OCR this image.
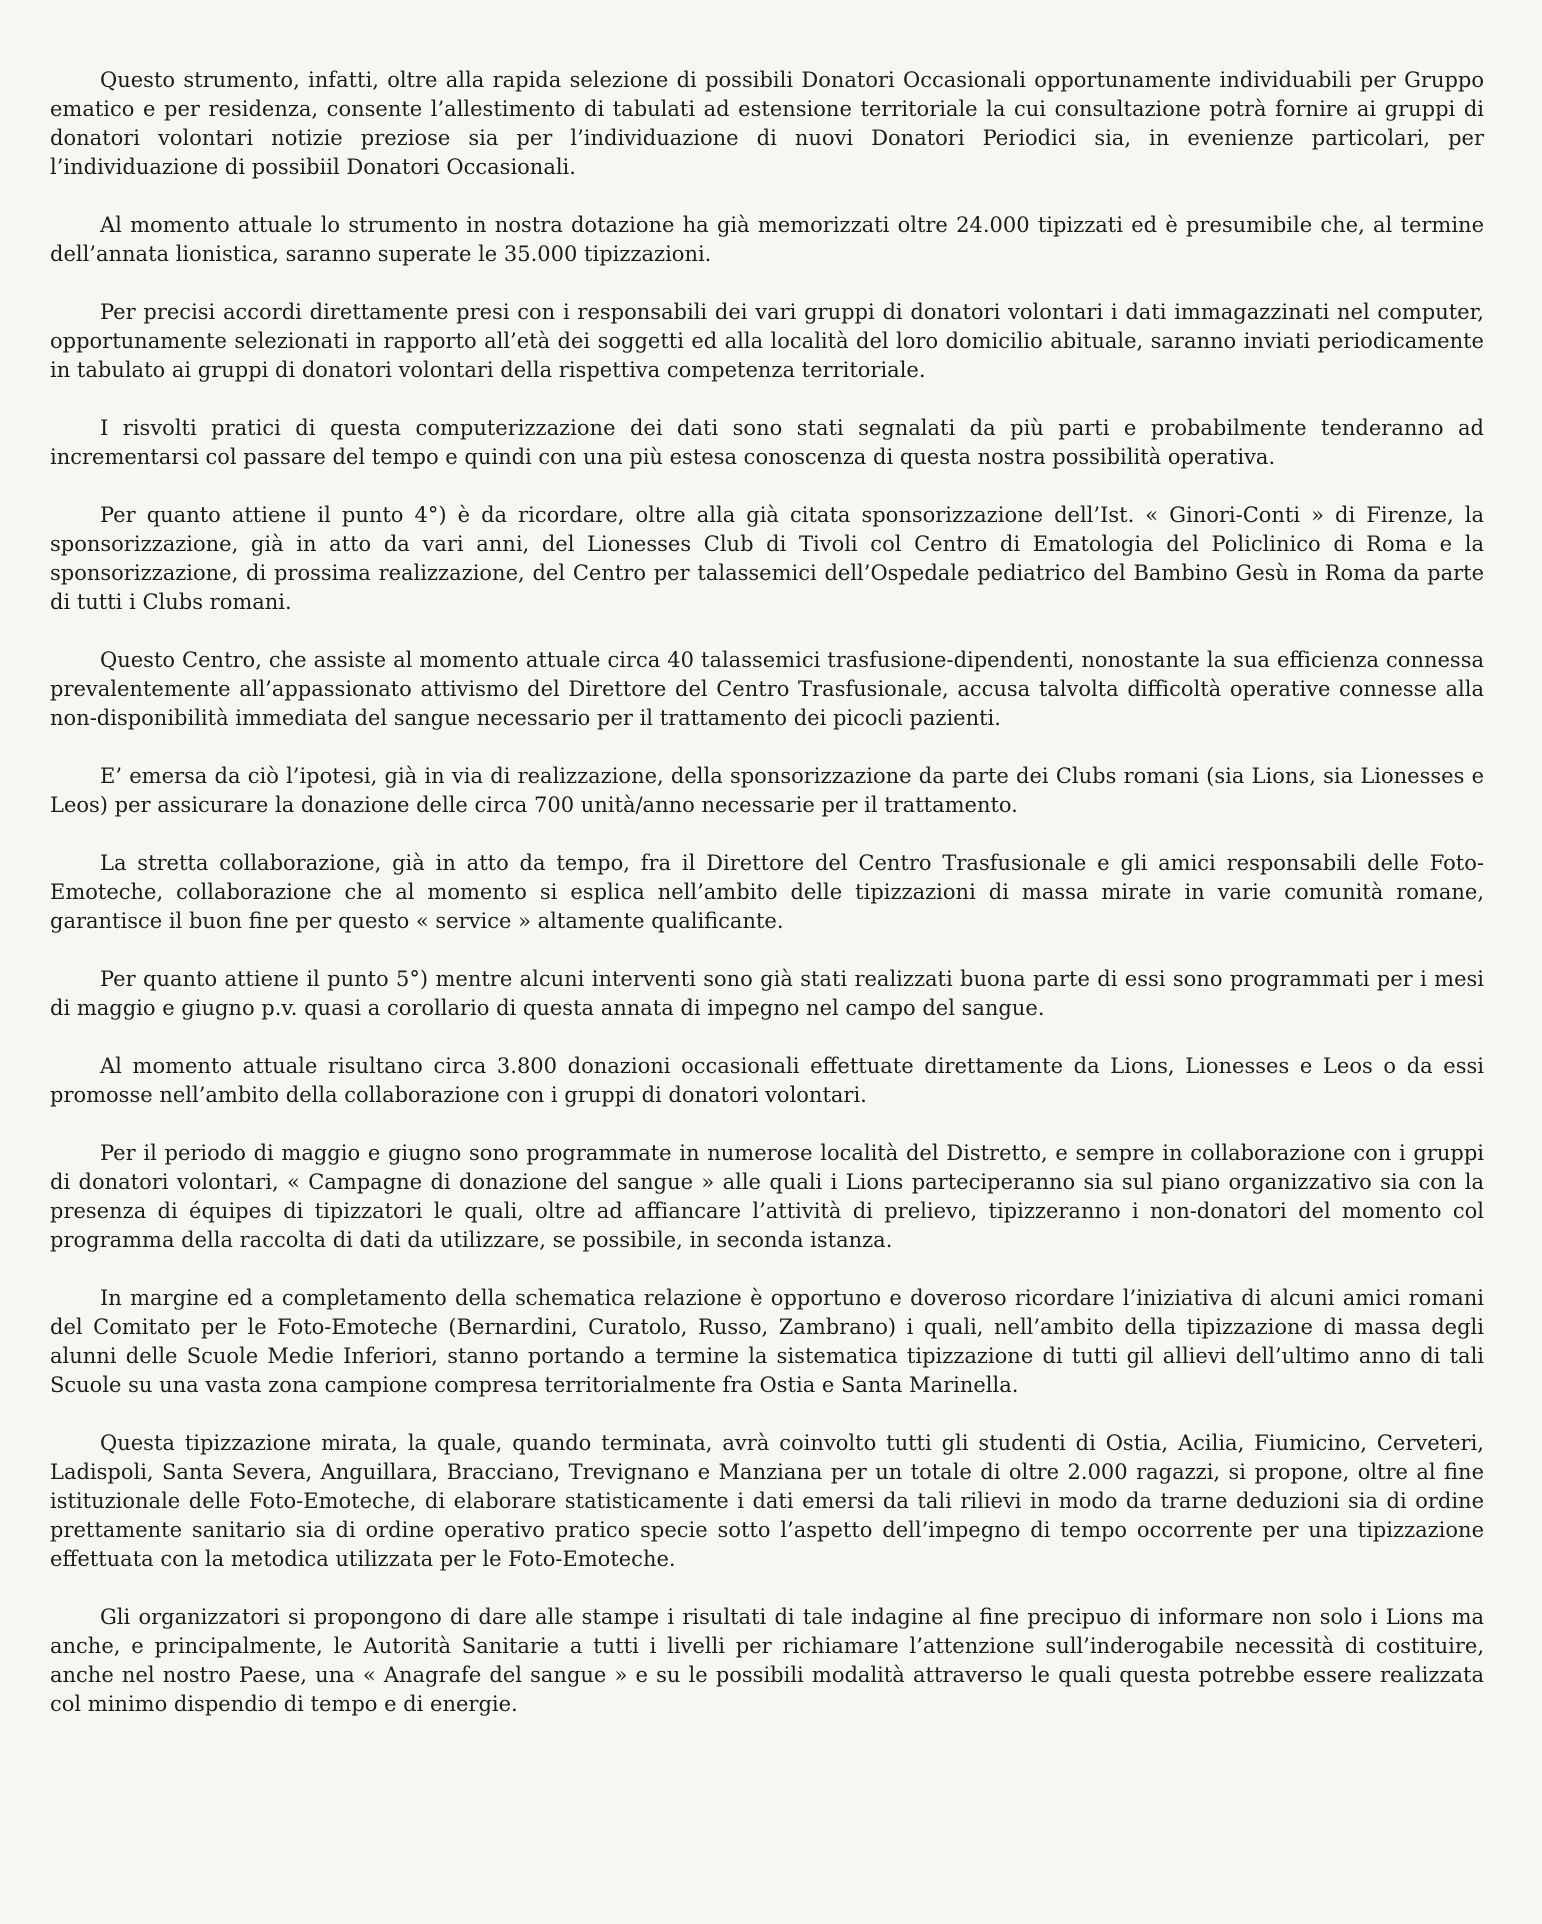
Questo strumento, infatti, oltre alla rapida selezione di possibili Donatori Occasionali opportunamente individuabili per Gruppo ematico e per residenza, consente l’allestimento di tabulati ad estensione territoriale la cui consultazione potrà fornire ai gruppi di donatori volontari notizie preziose sia per l’individuazione di nuovi Donatori Periodici sia, in evenienze particolari, per l’individuazione di possibiil Donatori Occasionali.

Al momento attuale lo strumento in nostra dotazione ha già memorizzati oltre 24.000 tipizzati ed è presumibile che, al termine dell’annata lionistica, saranno superate le 35.000 tipizzazioni.

Per precisi accordi direttamente presi con i responsabili dei vari gruppi di donatori volontari i dati immagazzinati nel computer, opportunamente selezionati in rapporto all’età dei soggetti ed alla località del loro domicilio abituale, saranno inviati periodicamente in tabulato ai gruppi di donatori volontari della rispettiva competenza territoriale.

I risvolti pratici di questa computerizzazione dei dati sono stati segnalati da più parti e probabilmente tenderanno ad incrementarsi col passare del tempo e quindi con una più estesa conoscenza di questa nostra possibilità operativa.

Per quanto attiene il punto 4°) è da ricordare, oltre alla già citata sponsorizzazione dell’Ist. « Ginori-Conti » di Firenze, la sponsorizzazione, già in atto da vari anni, del Lionesses Club di Tivoli col Centro di Ematologia del Policlinico di Roma e la sponsorizzazione, di prossima realizzazione, del Centro per talassemici dell’Ospedale pediatrico del Bambino Gesù in Roma da parte di tutti i Clubs romani.

Questo Centro, che assiste al momento attuale circa 40 talassemici trasfusione-dipendenti, nonostante la sua efficienza connessa prevalentemente all’appassionato attivismo del Direttore del Centro Trasfusionale, accusa talvolta difficoltà operative connesse alla non-disponibilità immediata del sangue necessario per il trattamento dei picocli pazienti.

E’ emersa da ciò l’ipotesi, già in via di realizzazione, della sponsorizzazione da parte dei Clubs romani (sia Lions, sia Lionesses e Leos) per assicurare la donazione delle circa 700 unità/anno necessarie per il trattamento.

La stretta collaborazione, già in atto da tempo, fra il Direttore del Centro Trasfusionale e gli amici responsabili delle Foto-Emoteche, collaborazione che al momento si esplica nell’ambito delle tipizzazioni di massa mirate in varie comunità romane, garantisce il buon fine per questo « service » altamente qualificante.

Per quanto attiene il punto 5°) mentre alcuni interventi sono già stati realizzati buona parte di essi sono programmati per i mesi di maggio e giugno p.v. quasi a corollario di questa annata di impegno nel campo del sangue.

Al momento attuale risultano circa 3.800 donazioni occasionali effettuate direttamente da Lions, Lionesses e Leos o da essi promosse nell’ambito della collaborazione con i gruppi di donatori volontari.

Per il periodo di maggio e giugno sono programmate in numerose località del Distretto, e sempre in collaborazione con i gruppi di donatori volontari, « Campagne di donazione del sangue » alle quali i Lions parteciperanno sia sul piano organizzativo sia con la presenza di équipes di tipizzatori le quali, oltre ad affiancare l’attività di prelievo, tipizzeranno i non-donatori del momento col programma della raccolta di dati da utilizzare, se possibile, in seconda istanza.

In margine ed a completamento della schematica relazione è opportuno e doveroso ricordare l’iniziativa di alcuni amici romani del Comitato per le Foto-Emoteche (Bernardini, Curatolo, Russo, Zambrano) i quali, nell’ambito della tipizzazione di massa degli alunni delle Scuole Medie Inferiori, stanno portando a termine la sistematica tipizzazione di tutti gil allievi dell’ultimo anno di tali Scuole su una vasta zona campione compresa territorialmente fra Ostia e Santa Marinella.

Questa tipizzazione mirata, la quale, quando terminata, avrà coinvolto tutti gli studenti di Ostia, Acilia, Fiumicino, Cerveteri, Ladispoli, Santa Severa, Anguillara, Bracciano, Trevignano e Manziana per un totale di oltre 2.000 ragazzi, si propone, oltre al fine istituzionale delle Foto-Emoteche, di elaborare statisticamente i dati emersi da tali rilievi in modo da trarne deduzioni sia di ordine prettamente sanitario sia di ordine operativo pratico specie sotto l’aspetto dell’impegno di tempo occorrente per una tipizzazione effettuata con la metodica utilizzata per le Foto-Emoteche.

Gli organizzatori si propongono di dare alle stampe i risultati di tale indagine al fine precipuo di informare non solo i Lions ma anche, e principalmente, le Autorità Sanitarie a tutti i livelli per richiamare l’attenzione sull’inderogabile necessità di costituire, anche nel nostro Paese, una « Anagrafe del sangue » e su le possibili modalità attraverso le quali questa potrebbe essere realizzata col minimo dispendio di tempo e di energie.
